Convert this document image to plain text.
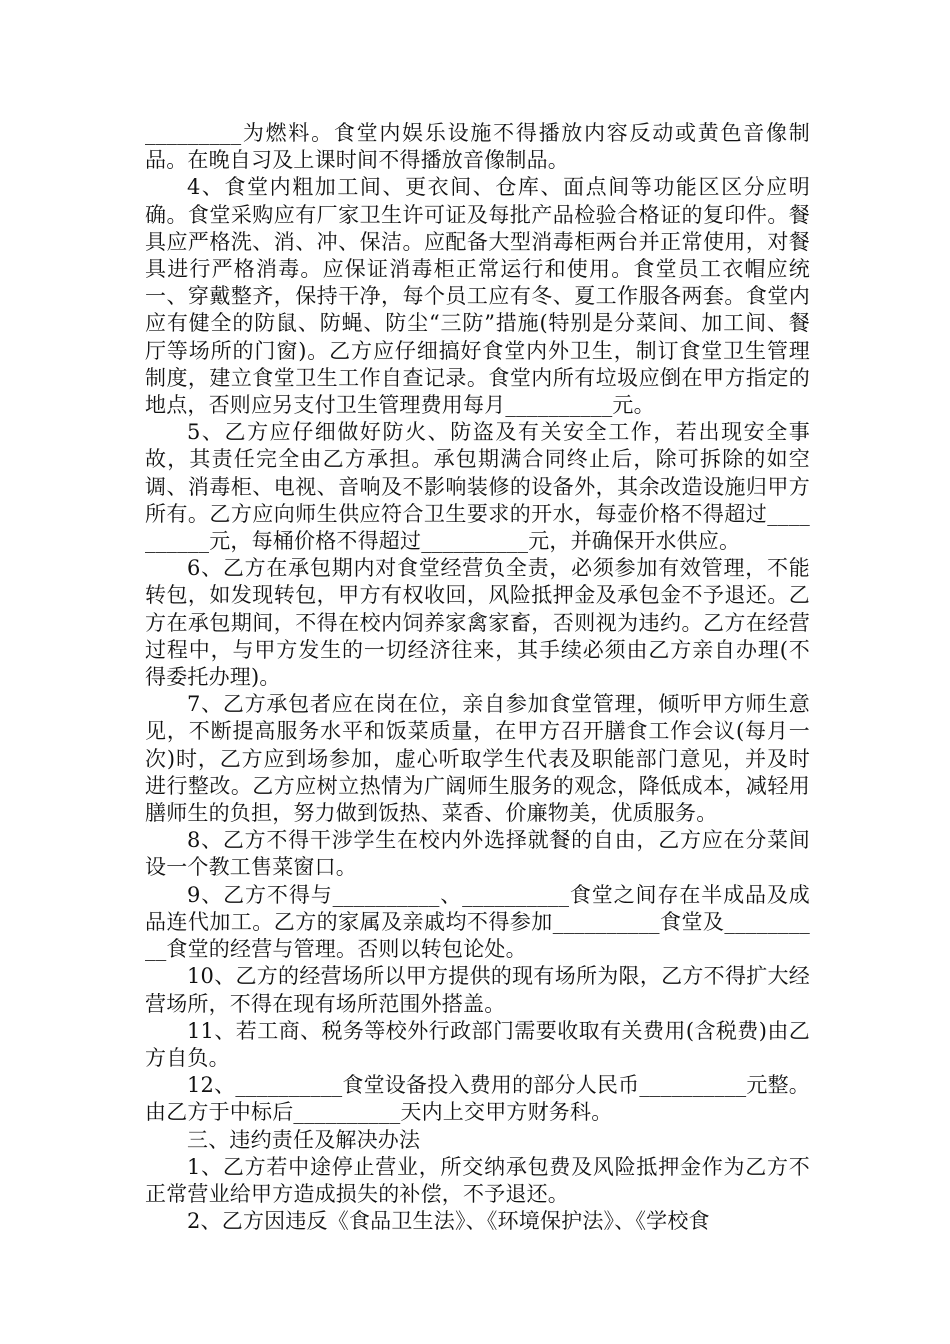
_________为燃料。食堂内娱乐设施不得播放内容反动或黄色音像制品。在晚自习及上课时间不得播放音像制品。

4、食堂内粗加工间、更衣间、仓库、面点间等功能区区分应明确。食堂采购应有厂家卫生许可证及每批产品检验合格证的复印件。餐具应严格洗、消、冲、保洁。应配备大型消毒柜两台并正常使用，对餐具进行严格消毒。应保证消毒柜正常运行和使用。食堂员工衣帽应统一、穿戴整齐，保持干净，每个员工应有冬、夏工作服各两套。食堂内应有健全的防鼠、防蝇、防尘“三防”措施(特别是分菜间、加工间、餐厅等场所的门窗)。乙方应仔细搞好食堂内外卫生，制订食堂卫生管理制度，建立食堂卫生工作自查记录。食堂内所有垃圾应倒在甲方指定的地点，否则应另支付卫生管理费用每月__________元。

5、乙方应仔细做好防火、防盗及有关安全工作，若出现安全事故，其责任完全由乙方承担。承包期满合同终止后，除可拆除的如空调、消毒柜、电视、音响及不影响装修的设备外，其余改造设施归甲方所有。乙方应向师生供应符合卫生要求的开水，每壶价格不得超过__________元，每桶价格不得超过__________元，并确保开水供应。

6、乙方在承包期内对食堂经营负全责，必须参加有效管理，不能转包，如发现转包，甲方有权收回，风险抵押金及承包金不予退还。乙方在承包期间，不得在校内饲养家禽家畜，否则视为违约。乙方在经营过程中，与甲方发生的一切经济往来，其手续必须由乙方亲自办理(不得委托办理)。

7、乙方承包者应在岗在位，亲自参加食堂管理，倾听甲方师生意见，不断提高服务水平和饭菜质量，在甲方召开膳食工作会议(每月一次)时，乙方应到场参加，虚心听取学生代表及职能部门意见，并及时进行整改。乙方应树立热情为广阔师生服务的观念，降低成本，减轻用膳师生的负担，努力做到饭热、菜香、价廉物美，优质服务。

8、乙方不得干涉学生在校内外选择就餐的自由，乙方应在分菜间设一个教工售菜窗口。

9、乙方不得与__________、__________食堂之间存在半成品及成品连代加工。乙方的家属及亲戚均不得参加__________食堂及__________食堂的经营与管理。否则以转包论处。

10、乙方的经营场所以甲方提供的现有场所为限，乙方不得扩大经营场所，不得在现有场所范围外搭盖。

11、若工商、税务等校外行政部门需要收取有关费用(含税费)由乙方自负。

12、__________食堂设备投入费用的部分人民币__________元整。由乙方于中标后__________天内上交甲方财务科。

三、违约责任及解决办法

1、乙方若中途停止营业，所交纳承包费及风险抵押金作为乙方不正常营业给甲方造成损失的补偿，不予退还。

2、乙方因违反《食品卫生法》、《环境保护法》、《学校食
